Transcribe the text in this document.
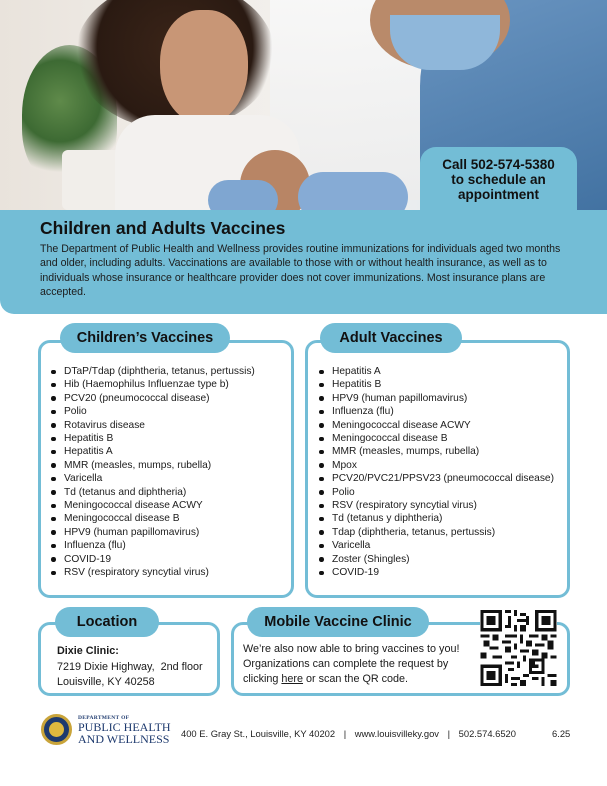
Children and Adults Vaccines

The Department of Public Health and Wellness provides routine immunizations for individuals aged two months and older, including adults. Vaccinations are available to those with or without health insurance, as well as to individuals whose insurance or healthcare provider does not cover immunizations. Most insurance plans are accepted.

Call 502-574-5380
to schedule an
appointment
DTaP/Tdap (diphtheria, tetanus, pertussis)
Hib (Haemophilus Influenzae type b)
PCV20 (pneumococcal disease)
Polio
Rotavirus disease
Hepatitis B
Hepatitis A
MMR (measles, mumps, rubella)
Varicella
Td (tetanus and diphtheria)
Meningococcal disease ACWY
Meningococcal disease B
HPV9 (human papillomavirus)
Influenza (flu)
COVID-19
RSV (respiratory syncytial virus)
Children’s Vaccines
Hepatitis A
Hepatitis B
HPV9 (human papillomavirus)
Influenza (flu)
Meningococcal disease ACWY
Meningococcal disease B
MMR (measles, mumps, rubella)
Mpox
PCV20/PVC21/PPSV23 (pneumococcal disease)
Polio
RSV (respiratory syncytial virus)
Td (tetanus y diphtheria)
Tdap (diphtheria, tetanus, pertussis)
Varicella
Zoster (Shingles)
COVID-19
Adult Vaccines
Dixie Clinic:
7219 Dixie Highway,  2nd floor
Louisville, KY 40258
Location

We’re also now able to bring vaccines to you! Organizations can complete the request by clicking here or scan the QR code.

Mobile Vaccine Clinic
DEPARTMENT OF
PUBLIC HEALTH
AND WELLNESS 400 E. Gray St., Louisville, KY 40202 | www.louisvilleky.gov | 502.574.6520	6.25
